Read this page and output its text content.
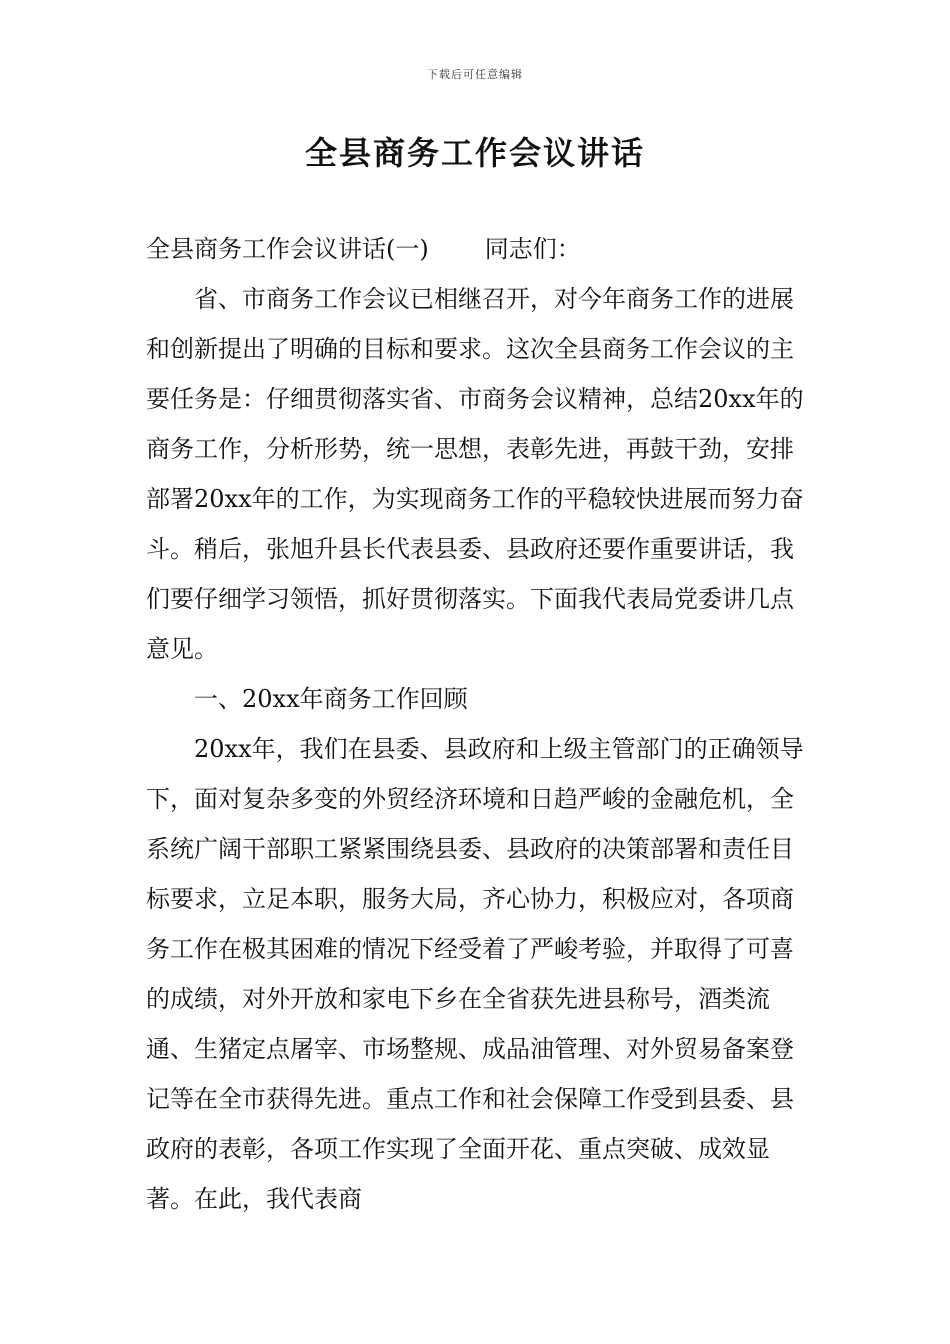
下载后可任意编辑
全县商务工作会议讲话

全县商务工作会议讲话(一) 同志们：

省、市商务工作会议已相继召开，对今年商务工作的进展和创新提出了明确的目标和要求。这次全县商务工作会议的主要任务是：仔细贯彻落实省、市商务会议精神，总结20xx年的商务工作，分析形势，统一思想，表彰先进，再鼓干劲，安排部署20xx年的工作，为实现商务工作的平稳较快进展而努力奋斗。稍后，张旭升县长代表县委、县政府还要作重要讲话，我们要仔细学习领悟，抓好贯彻落实。下面我代表局党委讲几点意见。

一、20xx年商务工作回顾

20xx年，我们在县委、县政府和上级主管部门的正确领导下，面对复杂多变的外贸经济环境和日趋严峻的金融危机，全系统广阔干部职工紧紧围绕县委、县政府的决策部署和责任目标要求，立足本职，服务大局，齐心协力，积极应对，各项商务工作在极其困难的情况下经受着了严峻考验，并取得了可喜的成绩，对外开放和家电下乡在全省获先进县称号，酒类流通、生猪定点屠宰、市场整规、成品油管理、对外贸易备案登记等在全市获得先进。重点工作和社会保障工作受到县委、县政府的表彰，各项工作实现了全面开花、重点突破、成效显著。在此，我代表商
